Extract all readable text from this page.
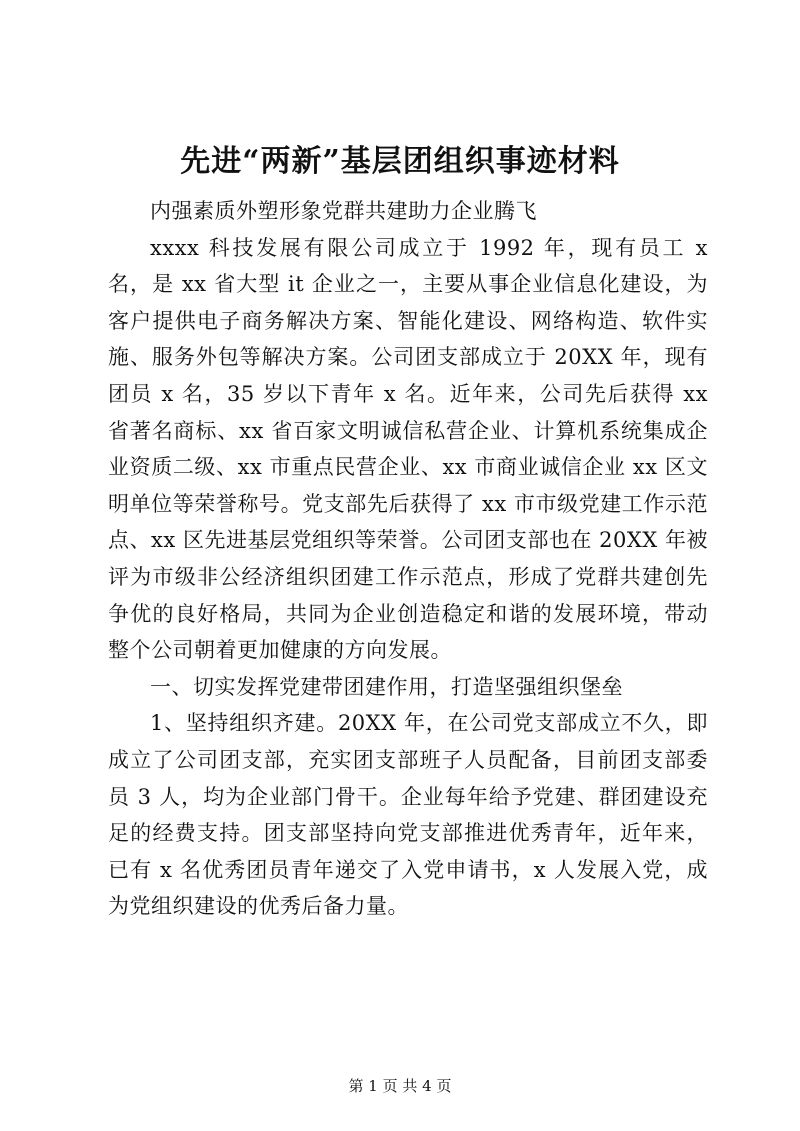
先进“两新”基层团组织事迹材料

内强素质外塑形象党群共建助力企业腾飞

xxxx 科技发展有限公司成立于 1992 年，现有员工 x 名，是 xx 省大型 it 企业之一，主要从事企业信息化建设，为客户提供电子商务解决方案、智能化建设、网络构造、软件实施、服务外包等解决方案。公司团支部成立于 20XX 年，现有团员 x 名，35 岁以下青年 x 名。近年来，公司先后获得 xx 省著名商标、xx 省百家文明诚信私营企业、计算机系统集成企业资质二级、xx 市重点民营企业、xx 市商业诚信企业 xx 区文明单位等荣誉称号。党支部先后获得了 xx 市市级党建工作示范点、xx 区先进基层党组织等荣誉。公司团支部也在 20XX 年被评为市级非公经济组织团建工作示范点，形成了党群共建创先争优的良好格局，共同为企业创造稳定和谐的发展环境，带动整个公司朝着更加健康的方向发展。

一、切实发挥党建带团建作用，打造坚强组织堡垒

1、坚持组织齐建。20XX 年，在公司党支部成立不久，即成立了公司团支部，充实团支部班子人员配备，目前团支部委员 3 人，均为企业部门骨干。企业每年给予党建、群团建设充足的经费支持。团支部坚持向党支部推进优秀青年，近年来，已有 x 名优秀团员青年递交了入党申请书，x 人发展入党，成为党组织建设的优秀后备力量。

第 1 页 共 4 页
